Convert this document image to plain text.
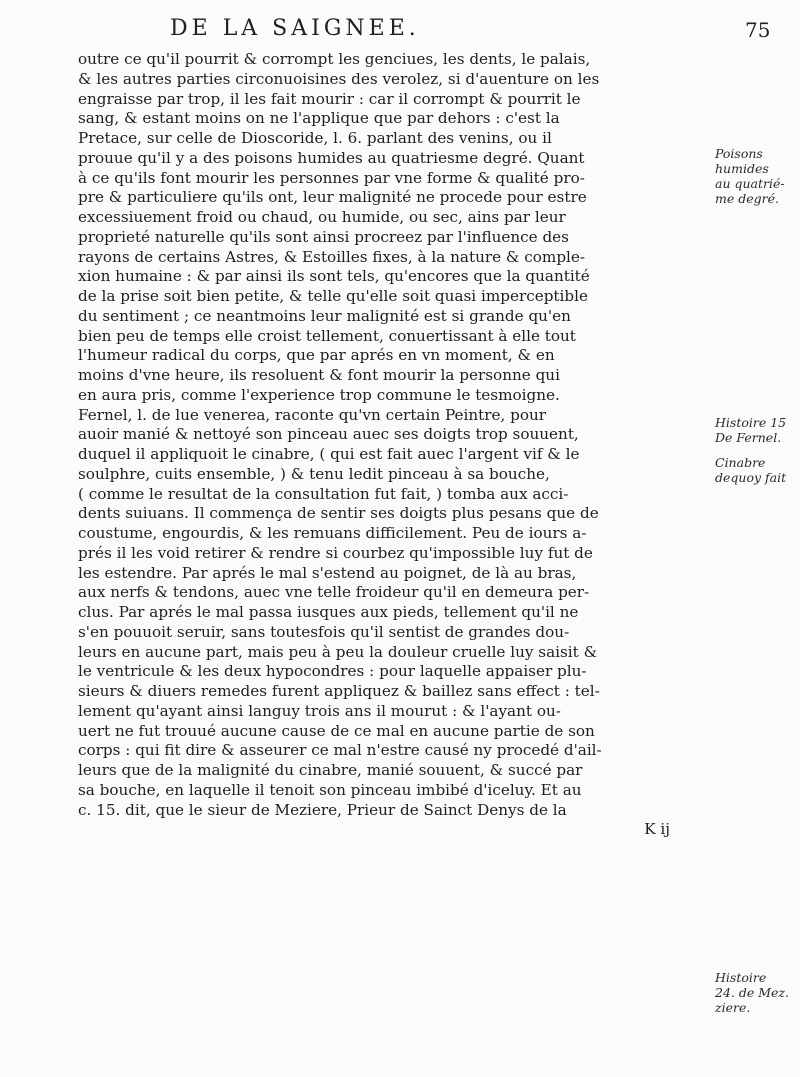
DE LA SAIGNEE.	75
outre ce qu'il pourrit & corrompt les genciues, les dents, le palais,
& les autres parties circonuoisines des verolez, si d'auenture on les
engraisse par trop, il les fait mourir : car il corrompt & pourrit le
sang, & estant moins on ne l'applique que par dehors : c'est la
Pretace, sur celle de Dioscoride, l. 6. parlant des venins, ou il
prouue qu'il y a des poisons humides au quatriesme degré. Quant
à ce qu'ils font mourir les personnes par vne forme & qualité pro-
pre & particuliere qu'ils ont, leur malignité ne procede pour estre
excessiuement froid ou chaud, ou humide, ou sec, ains par leur
proprieté naturelle qu'ils sont ainsi procreez par l'influence des
rayons de certains Astres, & Estoilles fixes, à la nature & comple-
xion humaine : & par ainsi ils sont tels, qu'encores que la quantité
de la prise soit bien petite, & telle qu'elle soit quasi imperceptible
du sentiment ; ce neantmoins leur malignité est si grande qu'en
bien peu de temps elle croist tellement, conuertissant à elle tout
l'humeur radical du corps, que par aprés en vn moment, & en
moins d'vne heure, ils resoluent & font mourir la personne qui
en aura pris, comme l'experience trop commune le tesmoigne.
Fernel, l. de lue venerea, raconte qu'vn certain Peintre, pour
auoir manié & nettoyé son pinceau auec ses doigts trop souuent,
duquel il appliquoit le cinabre, ( qui est fait auec l'argent vif & le
soulphre, cuits ensemble, ) & tenu ledit pinceau à sa bouche,
( comme le resultat de la consultation fut fait, ) tomba aux acci-
dents suiuans. Il commença de sentir ses doigts plus pesans que de
coustume, engourdis, & les remuans difficilement. Peu de iours a-
prés il les void retirer & rendre si courbez qu'impossible luy fut de
les estendre. Par aprés le mal s'estend au poignet, de là au bras,
aux nerfs & tendons, auec vne telle froideur qu'il en demeura per-
clus. Par aprés le mal passa iusques aux pieds, tellement qu'il ne
s'en pouuoit seruir, sans toutesfois qu'il sentist de grandes dou-
leurs en aucune part, mais peu à peu la douleur cruelle luy saisit &
le ventricule & les deux hypocondres : pour laquelle appaiser plu-
sieurs & diuers remedes furent appliquez & baillez sans effect : tel-
lement qu'ayant ainsi languy trois ans il mourut : & l'ayant ou-
uert ne fut trouué aucune cause de ce mal en aucune partie de son
corps : qui fit dire & asseurer ce mal n'estre causé ny procedé d'ail-
leurs que de la malignité du cinabre, manié souuent, & succé par
sa bouche, en laquelle il tenoit son pinceau imbibé d'iceluy. Et au
c. 15. dit, que le sieur de Meziere, Prieur de Sainct Denys de la
K ij
Poisons
humides
au quatrié-
me degré.
Histoire 15
De Fernel.
Cinabre
dequoy fait
Histoire
24. de Mez.
ziere.
